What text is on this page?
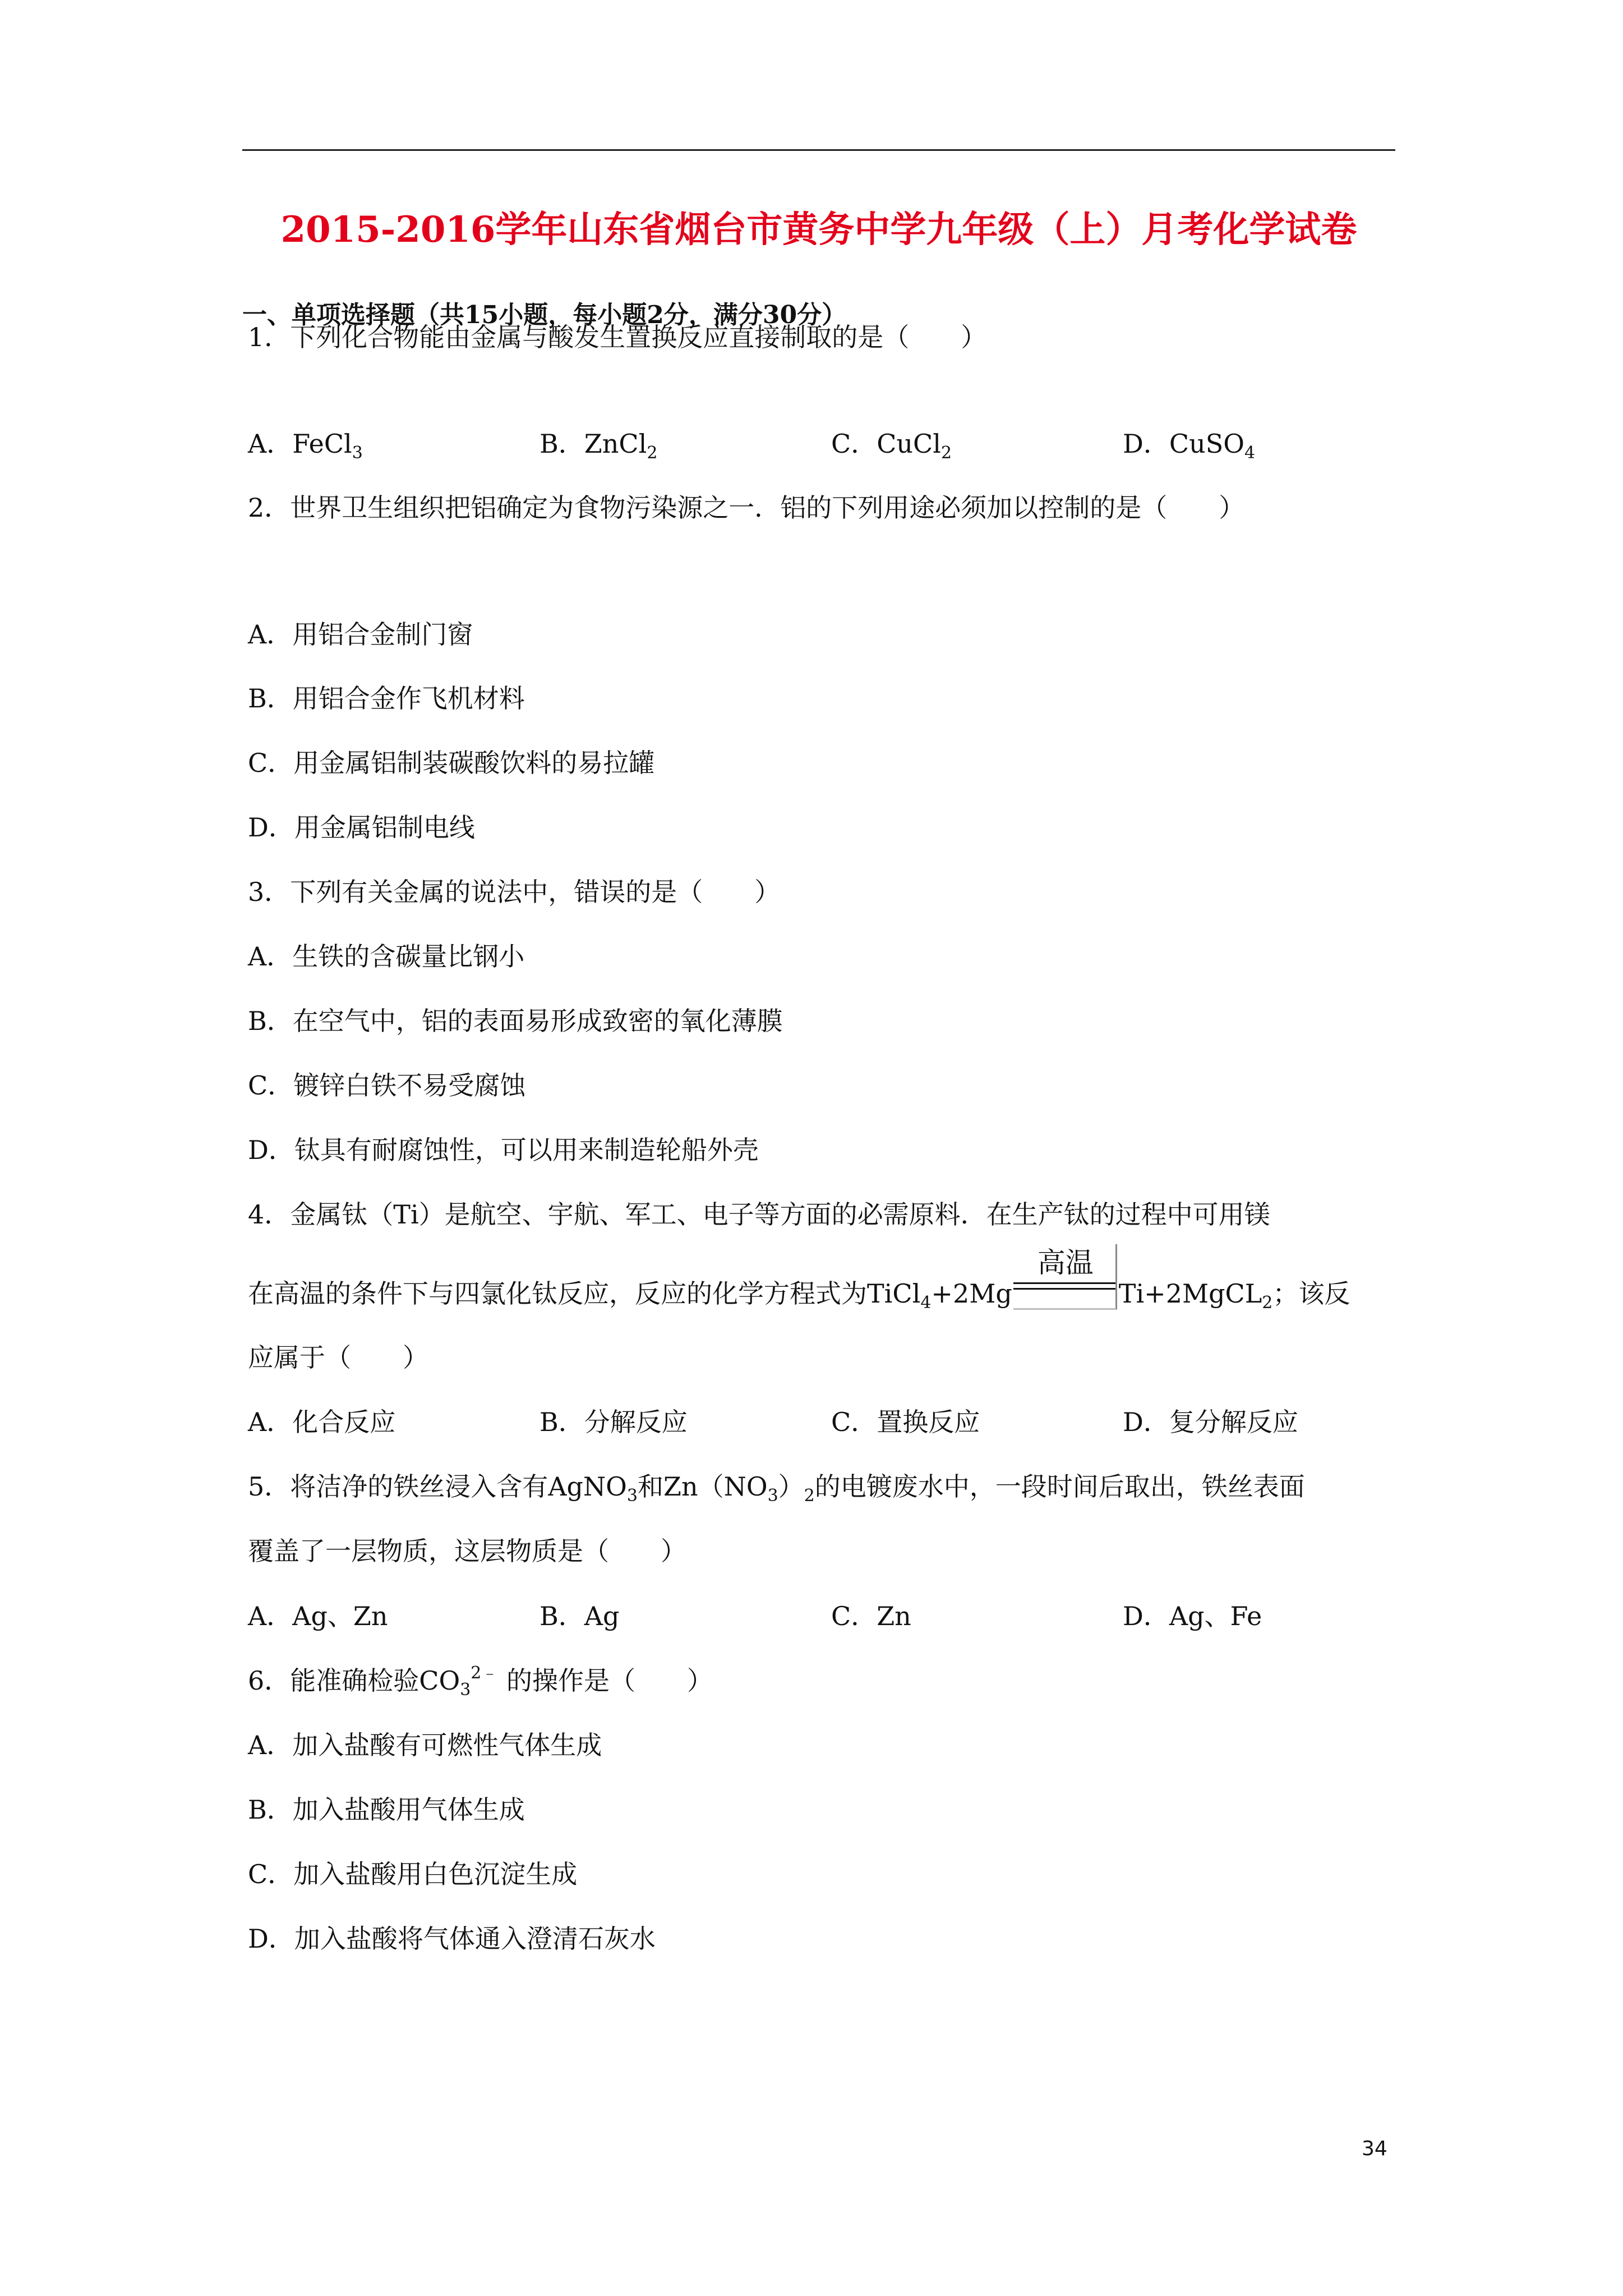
2015-2016学年山东省烟台市黄务中学九年级（上）月考化学试卷
一、单项选择题（共15小题，每小题2分，满分30分）
1．下列化合物能由金属与酸发生置换反应直接制取的是（　　）
A．FeCl$_3$	B．ZnCl$_2$	C．CuCl$_2$	D．CuSO$_4$
2．世界卫生组织把铝确定为食物污染源之一．铝的下列用途必须加以控制的是（　　）
A．用铝合金制门窗
B．用铝合金作飞机材料
C．用金属铝制装碳酸饮料的易拉罐
D．用金属铝制电线
3．下列有关金属的说法中，错误的是（　　）
A．生铁的含碳量比钢小
B．在空气中，铝的表面易形成致密的氧化薄膜
C．镀锌白铁不易受腐蚀
D．钛具有耐腐蚀性，可以用来制造轮船外壳
4．金属钛（Ti）是航空、宇航、军工、电子等方面的必需原料．在生产钛的过程中可用镁
在高温的条件下与四氯化钛反应，反应的化学方程式为TiCl$_4$+2Mg
高温
Ti+2MgCL$_2$；该反
应属于（　　）
A．化合反应	B．分解反应	C．置换反应	D．复分解反应
5．将洁净的铁丝浸入含有AgNO$_3$和$Zn(NO_3)_2$的电镀废水中，一段时间后取出，铁丝表面
覆盖了一层物质，这层物质是（　　）
A．Ag、Zn	B．Ag	C．Zn	D．Ag、Fe
6．能准确检验$CO_3^{2﹣}$ 的操作是（　　）
A．加入盐酸有可燃性气体生成
B．加入盐酸用气体生成
C．加入盐酸用白色沉淀生成
D．加入盐酸将气体通入澄清石灰水
34
